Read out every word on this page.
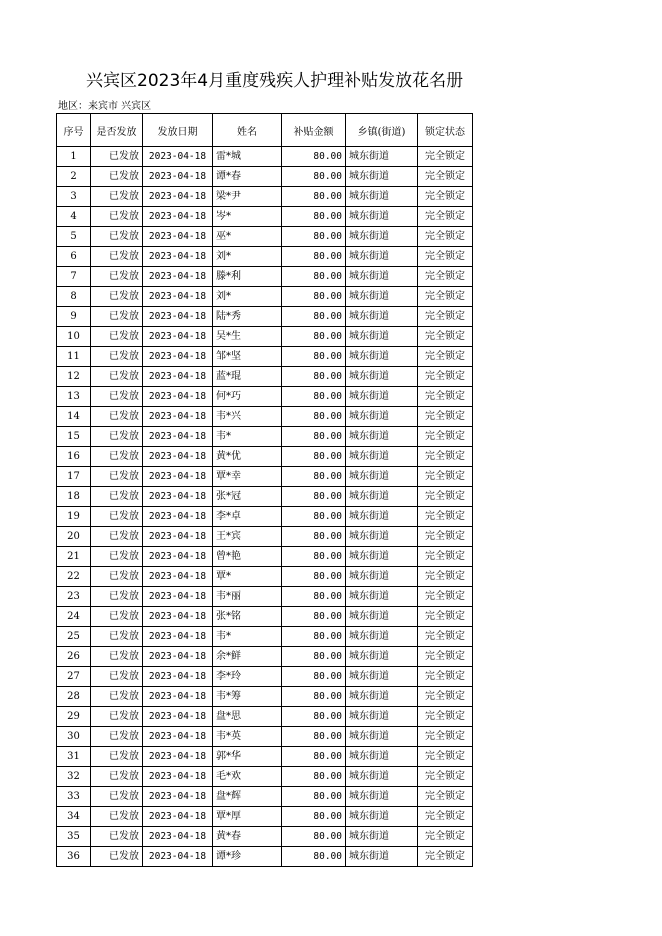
兴宾区2023年4月重度残疾人护理补贴发放花名册
地区：来宾市 兴宾区
序号	是否发放	发放日期	姓名	补贴金额	乡镇(街道)	锁定状态
1	已发放	2023-04-18	雷*城	80.00	城东街道	完全锁定
2	已发放	2023-04-18	谭*春	80.00	城东街道	完全锁定
3	已发放	2023-04-18	梁*尹	80.00	城东街道	完全锁定
4	已发放	2023-04-18	岑*	80.00	城东街道	完全锁定
5	已发放	2023-04-18	巫*	80.00	城东街道	完全锁定
6	已发放	2023-04-18	刘*	80.00	城东街道	完全锁定
7	已发放	2023-04-18	滕*利	80.00	城东街道	完全锁定
8	已发放	2023-04-18	刘*	80.00	城东街道	完全锁定
9	已发放	2023-04-18	陆*秀	80.00	城东街道	完全锁定
10	已发放	2023-04-18	吴*生	80.00	城东街道	完全锁定
11	已发放	2023-04-18	邹*坚	80.00	城东街道	完全锁定
12	已发放	2023-04-18	蓝*琨	80.00	城东街道	完全锁定
13	已发放	2023-04-18	何*巧	80.00	城东街道	完全锁定
14	已发放	2023-04-18	韦*兴	80.00	城东街道	完全锁定
15	已发放	2023-04-18	韦*	80.00	城东街道	完全锁定
16	已发放	2023-04-18	黄*优	80.00	城东街道	完全锁定
17	已发放	2023-04-18	覃*幸	80.00	城东街道	完全锁定
18	已发放	2023-04-18	张*冠	80.00	城东街道	完全锁定
19	已发放	2023-04-18	李*卓	80.00	城东街道	完全锁定
20	已发放	2023-04-18	王*宾	80.00	城东街道	完全锁定
21	已发放	2023-04-18	曾*艳	80.00	城东街道	完全锁定
22	已发放	2023-04-18	覃*	80.00	城东街道	完全锁定
23	已发放	2023-04-18	韦*丽	80.00	城东街道	完全锁定
24	已发放	2023-04-18	张*铭	80.00	城东街道	完全锁定
25	已发放	2023-04-18	韦*	80.00	城东街道	完全锁定
26	已发放	2023-04-18	余*鲜	80.00	城东街道	完全锁定
27	已发放	2023-04-18	李*玲	80.00	城东街道	完全锁定
28	已发放	2023-04-18	韦*筹	80.00	城东街道	完全锁定
29	已发放	2023-04-18	盘*思	80.00	城东街道	完全锁定
30	已发放	2023-04-18	韦*英	80.00	城东街道	完全锁定
31	已发放	2023-04-18	郭*华	80.00	城东街道	完全锁定
32	已发放	2023-04-18	毛*欢	80.00	城东街道	完全锁定
33	已发放	2023-04-18	盘*辉	80.00	城东街道	完全锁定
34	已发放	2023-04-18	覃*厚	80.00	城东街道	完全锁定
35	已发放	2023-04-18	黄*春	80.00	城东街道	完全锁定
36	已发放	2023-04-18	谭*珍	80.00	城东街道	完全锁定
